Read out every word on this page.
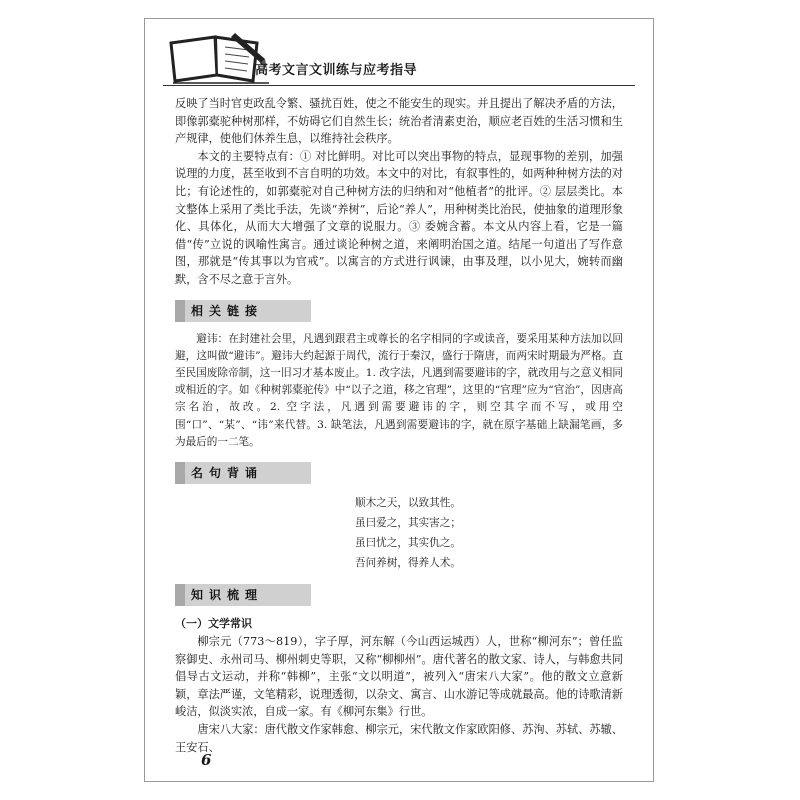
高考文言文训练与应考指导

反映了当时官吏政乱令繁、骚扰百姓，使之不能安生的现实。并且提出了解决矛盾的方法，即像郭橐驼种树那样，不妨碍它们自然生长；统治者清素吏治，顺应老百姓的生活习惯和生产规律，使他们休养生息，以维持社会秩序。

本文的主要特点有：① 对比鲜明。对比可以突出事物的特点，显现事物的差别，加强说理的力度，甚至收到不言自明的功效。本文中的对比，有叙事性的，如两种种树方法的对比；有论述性的，如郭橐驼对自己种树方法的归纳和对“他植者”的批评。② 层层类比。本文整体上采用了类比手法，先谈“养树”，后论“养人”，用种树类比治民，使抽象的道理形象化、具体化，从而大大增强了文章的说服力。③ 委婉含蓄。本文从内容上看，它是一篇借“传”立说的讽喻性寓言。通过谈论种树之道，来阐明治国之道。结尾一句道出了写作意图，那就是“传其事以为官戒”。以寓言的方式进行讽谏，由事及理，以小见大，婉转而幽默，含不尽之意于言外。

相关链接

避讳：在封建社会里，凡遇到跟君主或尊长的名字相同的字或读音，要采用某种方法加以回避，这叫做“避讳”。避讳大约起源于周代，流行于秦汉，盛行于隋唐，而两宋时期最为严格。直至民国废除帝制，这一旧习才基本废止。1. 改字法，凡遇到需要避讳的字，就改用与之意义相同或相近的字。如《种树郭橐驼传》中“以子之道，移之官理”，这里的“官理”应为“官治”，因唐高宗名治，故改。2. 空字法，凡遇到需要避讳的字，则空其字而不写，或用空围“口”、“某”、“讳”来代替。3. 缺笔法，凡遇到需要避讳的字，就在原字基础上缺漏笔画，多为最后的一二笔。

名句背诵

顺木之天，以致其性。

虽曰爱之，其实害之；

虽曰忧之，其实仇之。

吾问养树，得养人术。

知识梳理

（一）文学常识

柳宗元（773～819），字子厚，河东解（今山西运城西）人，世称“柳河东”；曾任监察御史、永州司马、柳州刺史等职，又称“柳柳州”。唐代著名的散文家、诗人，与韩愈共同倡导古文运动，并称“韩柳”，主张“文以明道”，被列入“唐宋八大家”。他的散文立意新颖，章法严谨，文笔精彩，说理透彻，以杂文、寓言、山水游记等成就最高。他的诗歌清新峻洁，似淡实浓，自成一家。有《柳河东集》行世。

唐宋八大家：唐代散文作家韩愈、柳宗元，宋代散文作家欧阳修、苏洵、苏轼、苏辙、王安石、

6
